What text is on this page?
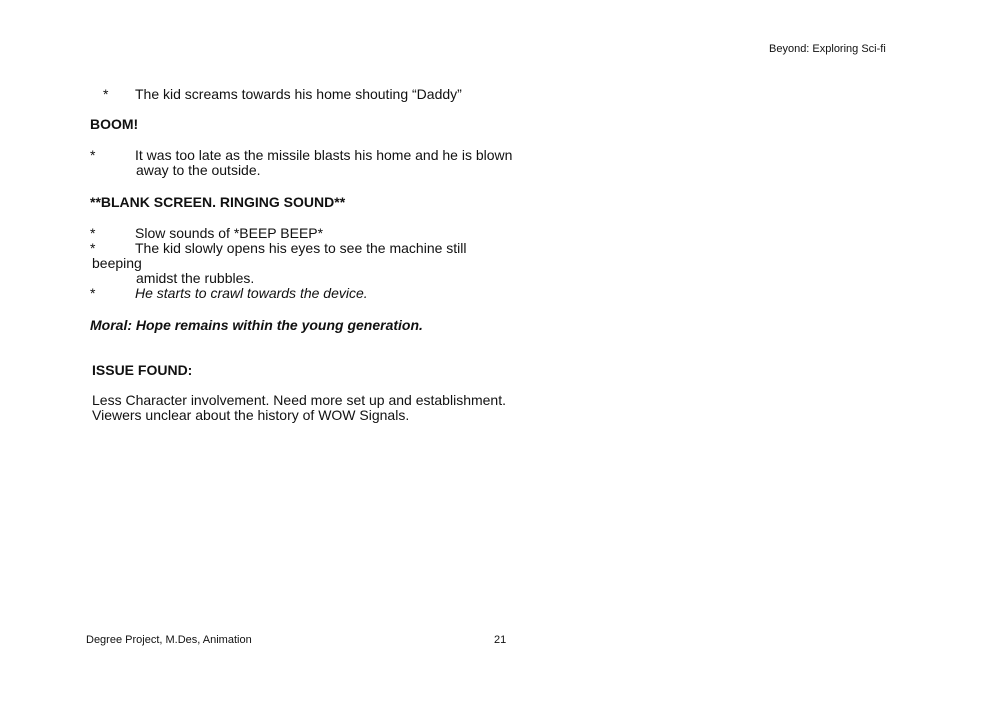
Beyond: Exploring Sci-fi
* The kid screams towards his home shouting “Daddy”
BOOM!
*	It was too late as the missile blasts his home and he is blown
away to the outside.
**BLANK SCREEN. RINGING SOUND**
*	Slow sounds of *BEEP BEEP*
*	The kid slowly opens his eyes to see the machine still
beeping
amidst the rubbles.
*	He starts to crawl towards the device.
Moral: Hope remains within the young generation.
ISSUE FOUND:
Less Character involvement. Need more set up and establishment.
Viewers unclear about the history of WOW Signals.
Degree Project, M.Des, Animation	21
